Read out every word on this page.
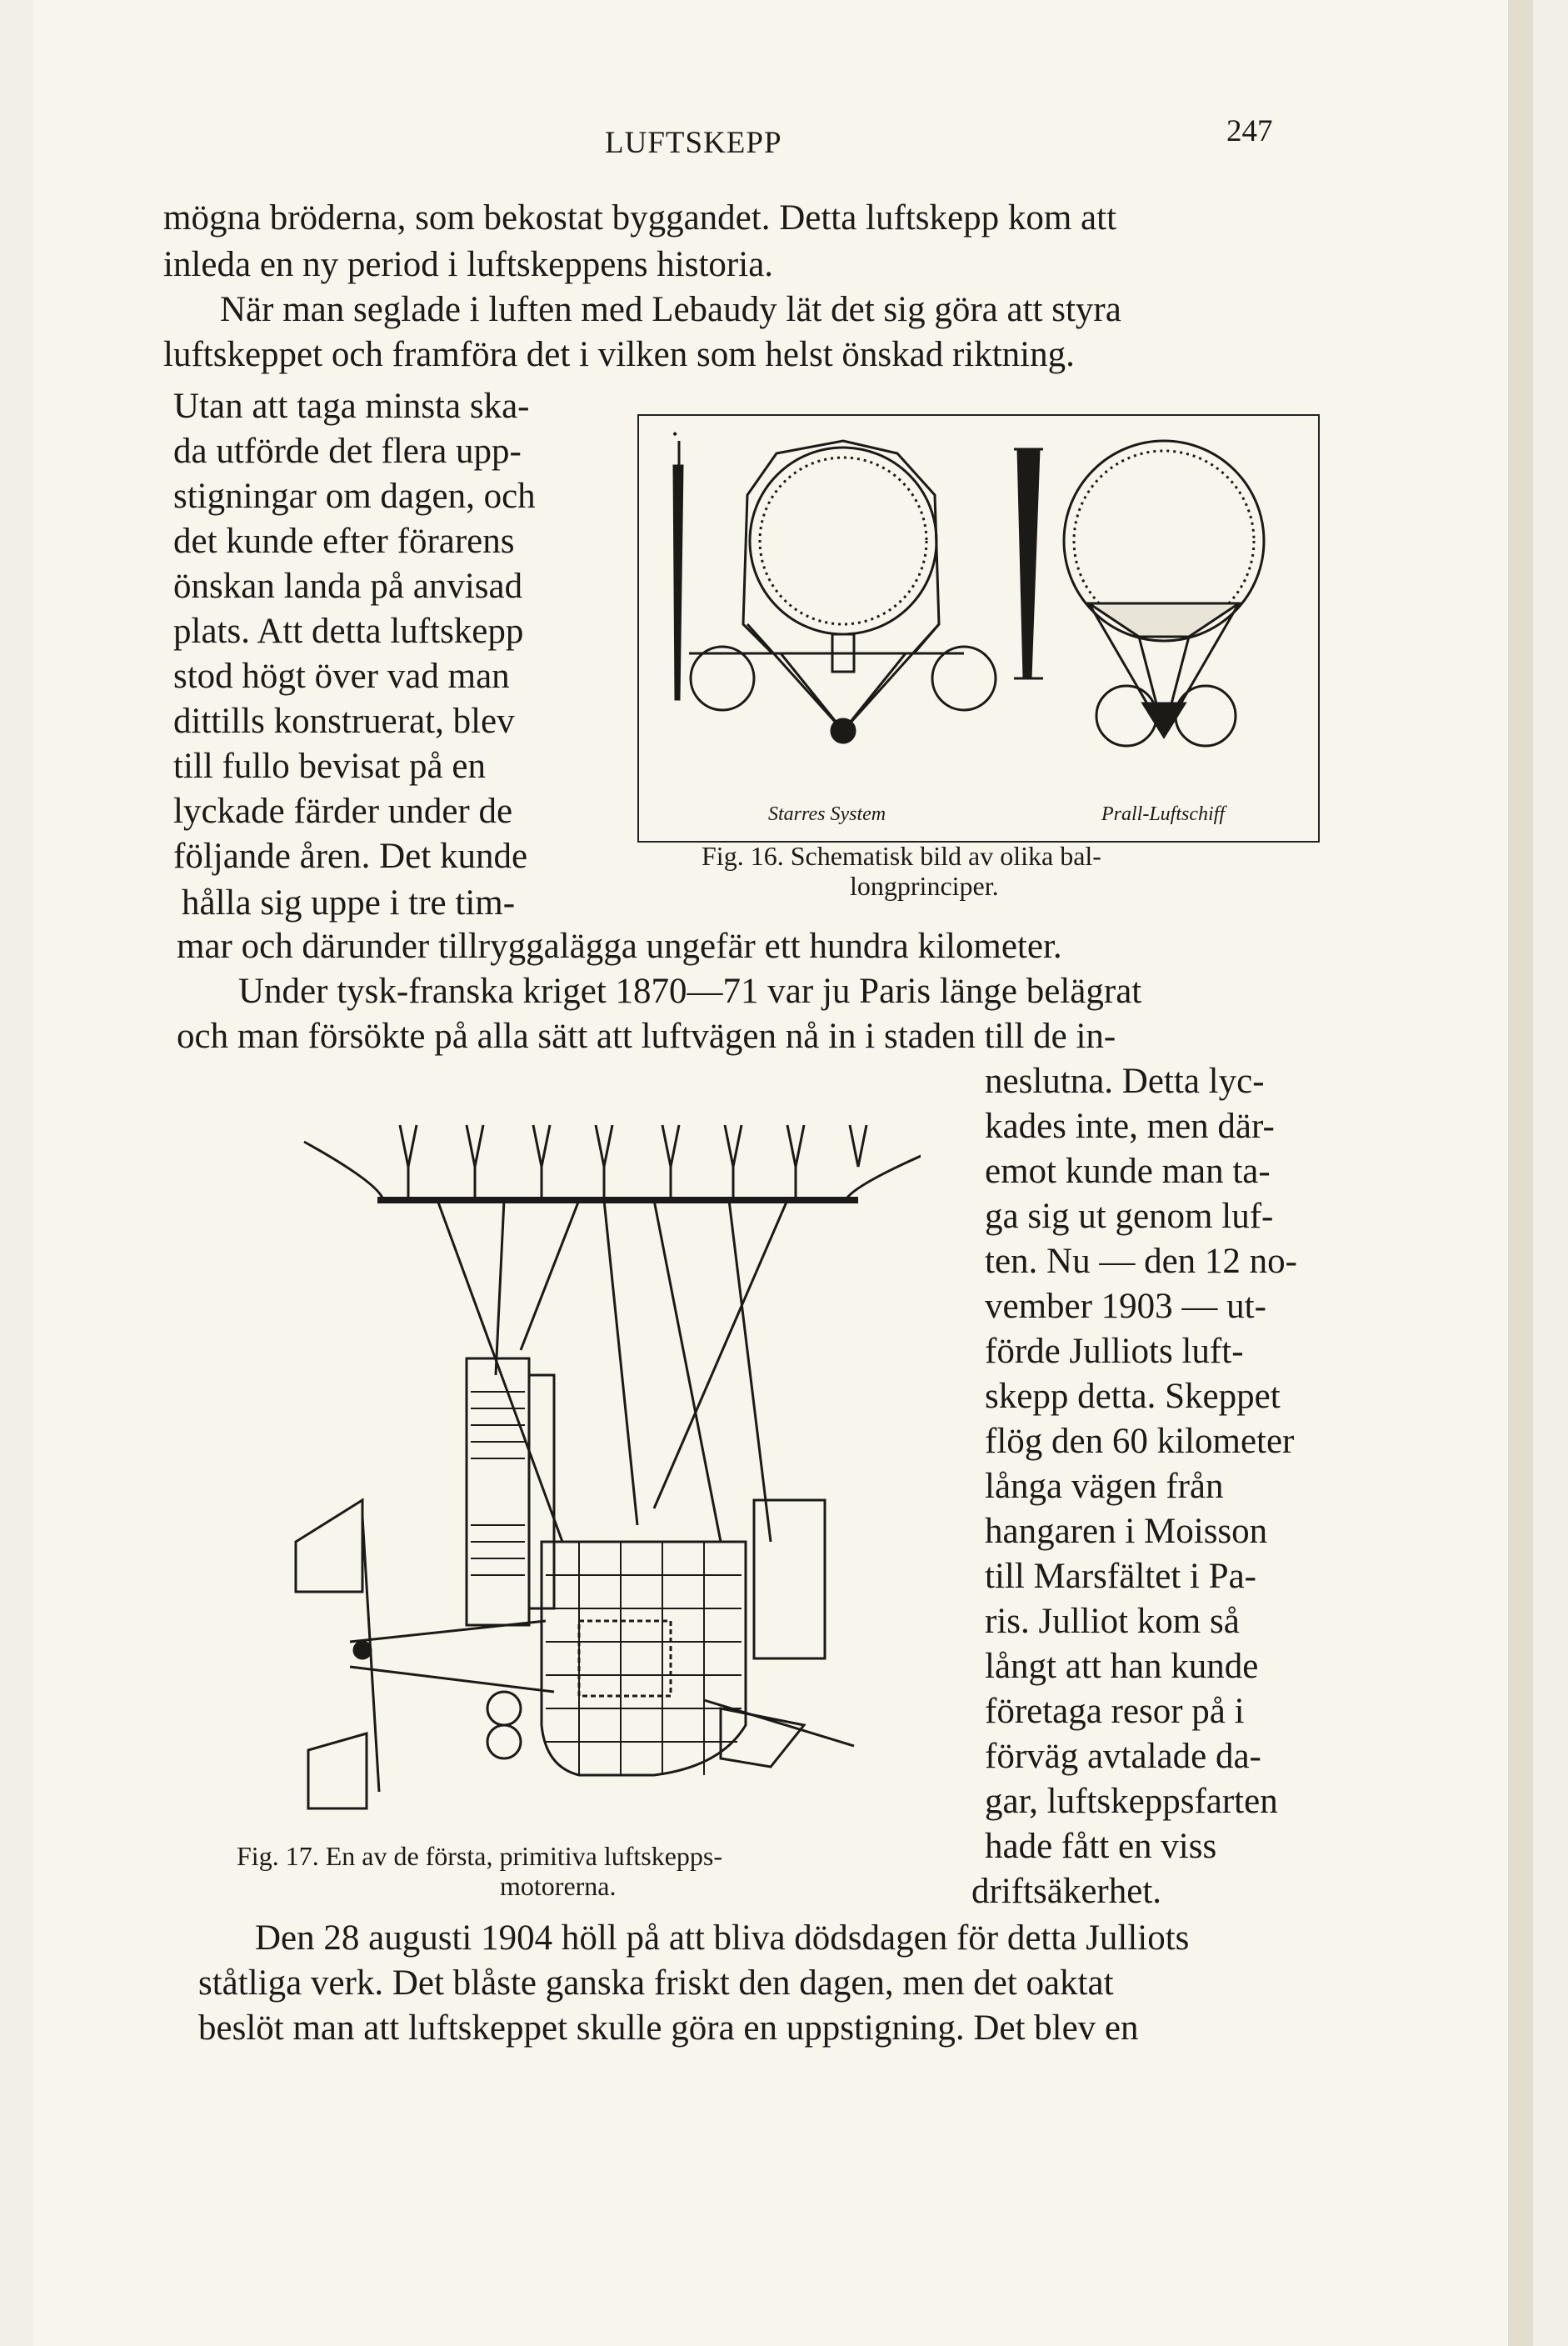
LUFTSKEPP	247
mögna bröderna, som bekostat byggandet. Detta luftskepp kom att
inleda en ny period i luftskeppens historia.
När man seglade i luften med Lebaudy lät det sig göra att styra
luftskeppet och framföra det i vilken som helst önskad riktning.
Utan att taga minsta ska-
da utförde det flera upp-
stigningar om dagen, och
det kunde efter förarens
önskan landa på anvisad
plats. Att detta luftskepp
stod högt över vad man
dittills konstruerat, blev
till fullo bevisat på en
lyckade färder under de
följande åren. Det kunde
hålla sig uppe i tre tim-
•
Starres System	Prall-Luftschiff
Fig. 16. Schematisk bild av olika bal-
longprinciper.
mar och därunder tillryggalägga ungefär ett hundra kilometer.
Under tysk-franska kriget 1870—71 var ju Paris länge belägrat
och man försökte på alla sätt att luftvägen nå in i staden till de in-
neslutna. Detta lyc-
kades inte, men där-
emot kunde man ta-
ga sig ut genom luf-
ten. Nu — den 12 no-
vember 1903 — ut-
förde Julliots luft-
skepp detta. Skeppet
flög den 60 kilometer
långa vägen från
hangaren i Moisson
till Marsfältet i Pa-
ris. Julliot kom så
långt att han kunde
företaga resor på i
förväg avtalade da-
gar, luftskeppsfarten
hade fått en viss
driftsäkerhet.
Fig. 17. En av de första, primitiva luftskepps-
motorerna.
Den 28 augusti 1904 höll på att bliva dödsdagen för detta Julliots
ståtliga verk. Det blåste ganska friskt den dagen, men det oaktat
beslöt man att luftskeppet skulle göra en uppstigning. Det blev en
